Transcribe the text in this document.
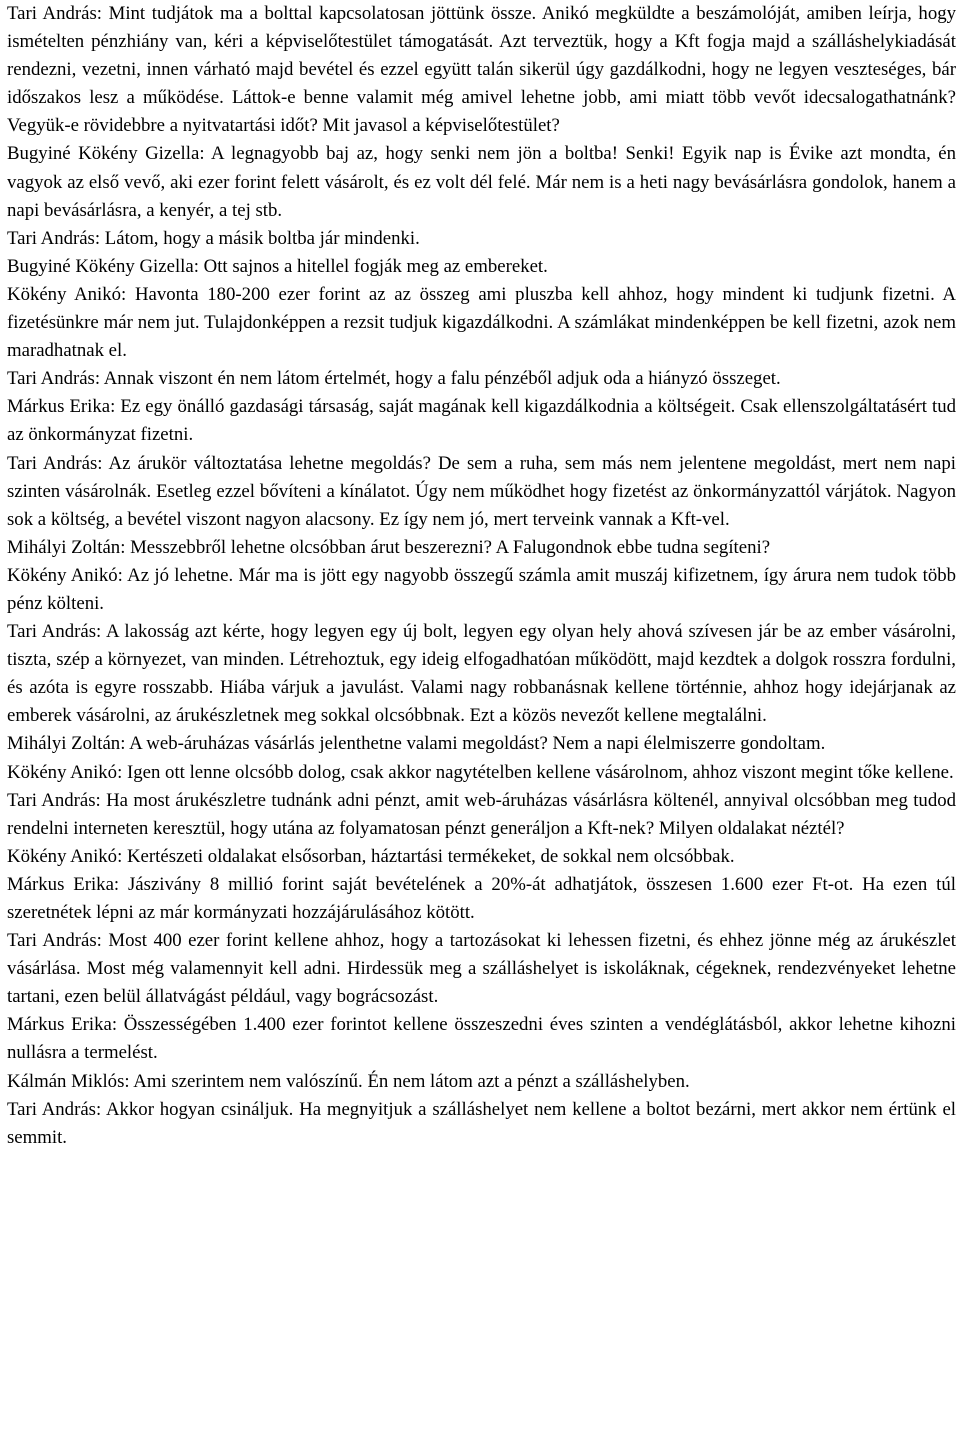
Tari András: Mint tudjátok ma a bolttal kapcsolatosan jöttünk össze. Anikó megküldte a beszámolóját, amiben leírja, hogy ismételten pénzhiány van, kéri a képviselőtestület támogatását. Azt terveztük, hogy a Kft fogja majd a szálláshelykiadását rendezni, vezetni, innen várható majd bevétel és ezzel együtt talán sikerül úgy gazdálkodni, hogy ne legyen veszteséges, bár időszakos lesz a működése. Láttok-e benne valamit még amivel lehetne jobb, ami miatt több vevőt idecsalogathatnánk? Vegyük-e rövidebbre a nyitvatartási időt? Mit javasol a képviselőtestület?

Bugyiné Kökény Gizella: A legnagyobb baj az, hogy senki nem jön a boltba! Senki! Egyik nap is Évike azt mondta, én vagyok az első vevő, aki ezer forint felett vásárolt, és ez volt dél felé. Már nem is a heti nagy bevásárlásra gondolok, hanem a napi bevásárlásra, a kenyér, a tej stb.

Tari András: Látom, hogy a másik boltba jár mindenki.

Bugyiné Kökény Gizella: Ott sajnos a hitellel fogják meg az embereket.

Kökény Anikó: Havonta 180-200 ezer forint az az összeg ami pluszba kell ahhoz, hogy mindent ki tudjunk fizetni. A fizetésünkre már nem jut. Tulajdonképpen a rezsit tudjuk kigazdálkodni. A számlákat mindenképpen be kell fizetni, azok nem maradhatnak el.

Tari András: Annak viszont én nem látom értelmét, hogy a falu pénzéből adjuk oda a hiányzó összeget.

Márkus Erika: Ez egy önálló gazdasági társaság, saját magának kell kigazdálkodnia a költségeit. Csak ellenszolgáltatásért tud az önkormányzat fizetni.

Tari András: Az árukör változtatása lehetne megoldás? De sem a ruha, sem más nem jelentene megoldást, mert nem napi szinten vásárolnák. Esetleg ezzel bővíteni a kínálatot. Úgy nem működhet hogy fizetést az önkormányzattól várjátok. Nagyon sok a költség, a bevétel viszont nagyon alacsony. Ez így nem jó, mert terveink vannak a Kft-vel.

Mihályi Zoltán: Messzebbről lehetne olcsóbban árut beszerezni? A Falugondnok ebbe tudna segíteni?

Kökény Anikó: Az jó lehetne. Már ma is jött egy nagyobb összegű számla amit muszáj kifizetnem, így árura nem tudok több pénz költeni.

Tari András: A lakosság azt kérte, hogy legyen egy új bolt, legyen egy olyan hely ahová szívesen jár be az ember vásárolni, tiszta, szép a környezet, van minden. Létrehoztuk, egy ideig elfogadhatóan működött, majd kezdtek a dolgok rosszra fordulni, és azóta is egyre rosszabb. Hiába várjuk a javulást. Valami nagy robbanásnak kellene történnie, ahhoz hogy idejárjanak az emberek vásárolni, az árukészletnek meg sokkal olcsóbbnak. Ezt a közös nevezőt kellene megtalálni.

Mihályi Zoltán: A web-áruházas vásárlás jelenthetne valami megoldást? Nem a napi élelmiszerre gondoltam.

Kökény Anikó: Igen ott lenne olcsóbb dolog, csak akkor nagytételben kellene vásárolnom, ahhoz viszont megint tőke kellene.

Tari András: Ha most árukészletre tudnánk adni pénzt, amit web-áruházas vásárlásra költenél, annyival olcsóbban meg tudod rendelni interneten keresztül, hogy utána az folyamatosan pénzt generáljon a Kft-nek? Milyen oldalakat néztél?

Kökény Anikó: Kertészeti oldalakat elsősorban, háztartási termékeket, de sokkal nem olcsóbbak.

Márkus Erika: Jászivány 8 millió forint saját bevételének a 20%-át adhatjátok, összesen 1.600 ezer Ft-ot. Ha ezen túl szeretnétek lépni az már kormányzati hozzájárulásához kötött.

Tari András: Most 400 ezer forint kellene ahhoz, hogy a tartozásokat ki lehessen fizetni, és ehhez jönne még az árukészlet vásárlása. Most még valamennyit kell adni. Hirdessük meg a szálláshelyet is iskoláknak, cégeknek, rendezvényeket lehetne tartani, ezen belül állatvágást például, vagy bográcsozást.

Márkus Erika: Összességében 1.400 ezer forintot kellene összeszedni éves szinten a vendéglátásból, akkor lehetne kihozni nullásra a termelést.

Kálmán Miklós: Ami szerintem nem valószínű. Én nem látom azt a pénzt a szálláshelyben.

Tari András: Akkor hogyan csináljuk. Ha megnyitjuk a szálláshelyet nem kellene a boltot bezárni, mert akkor nem értünk el semmit.
